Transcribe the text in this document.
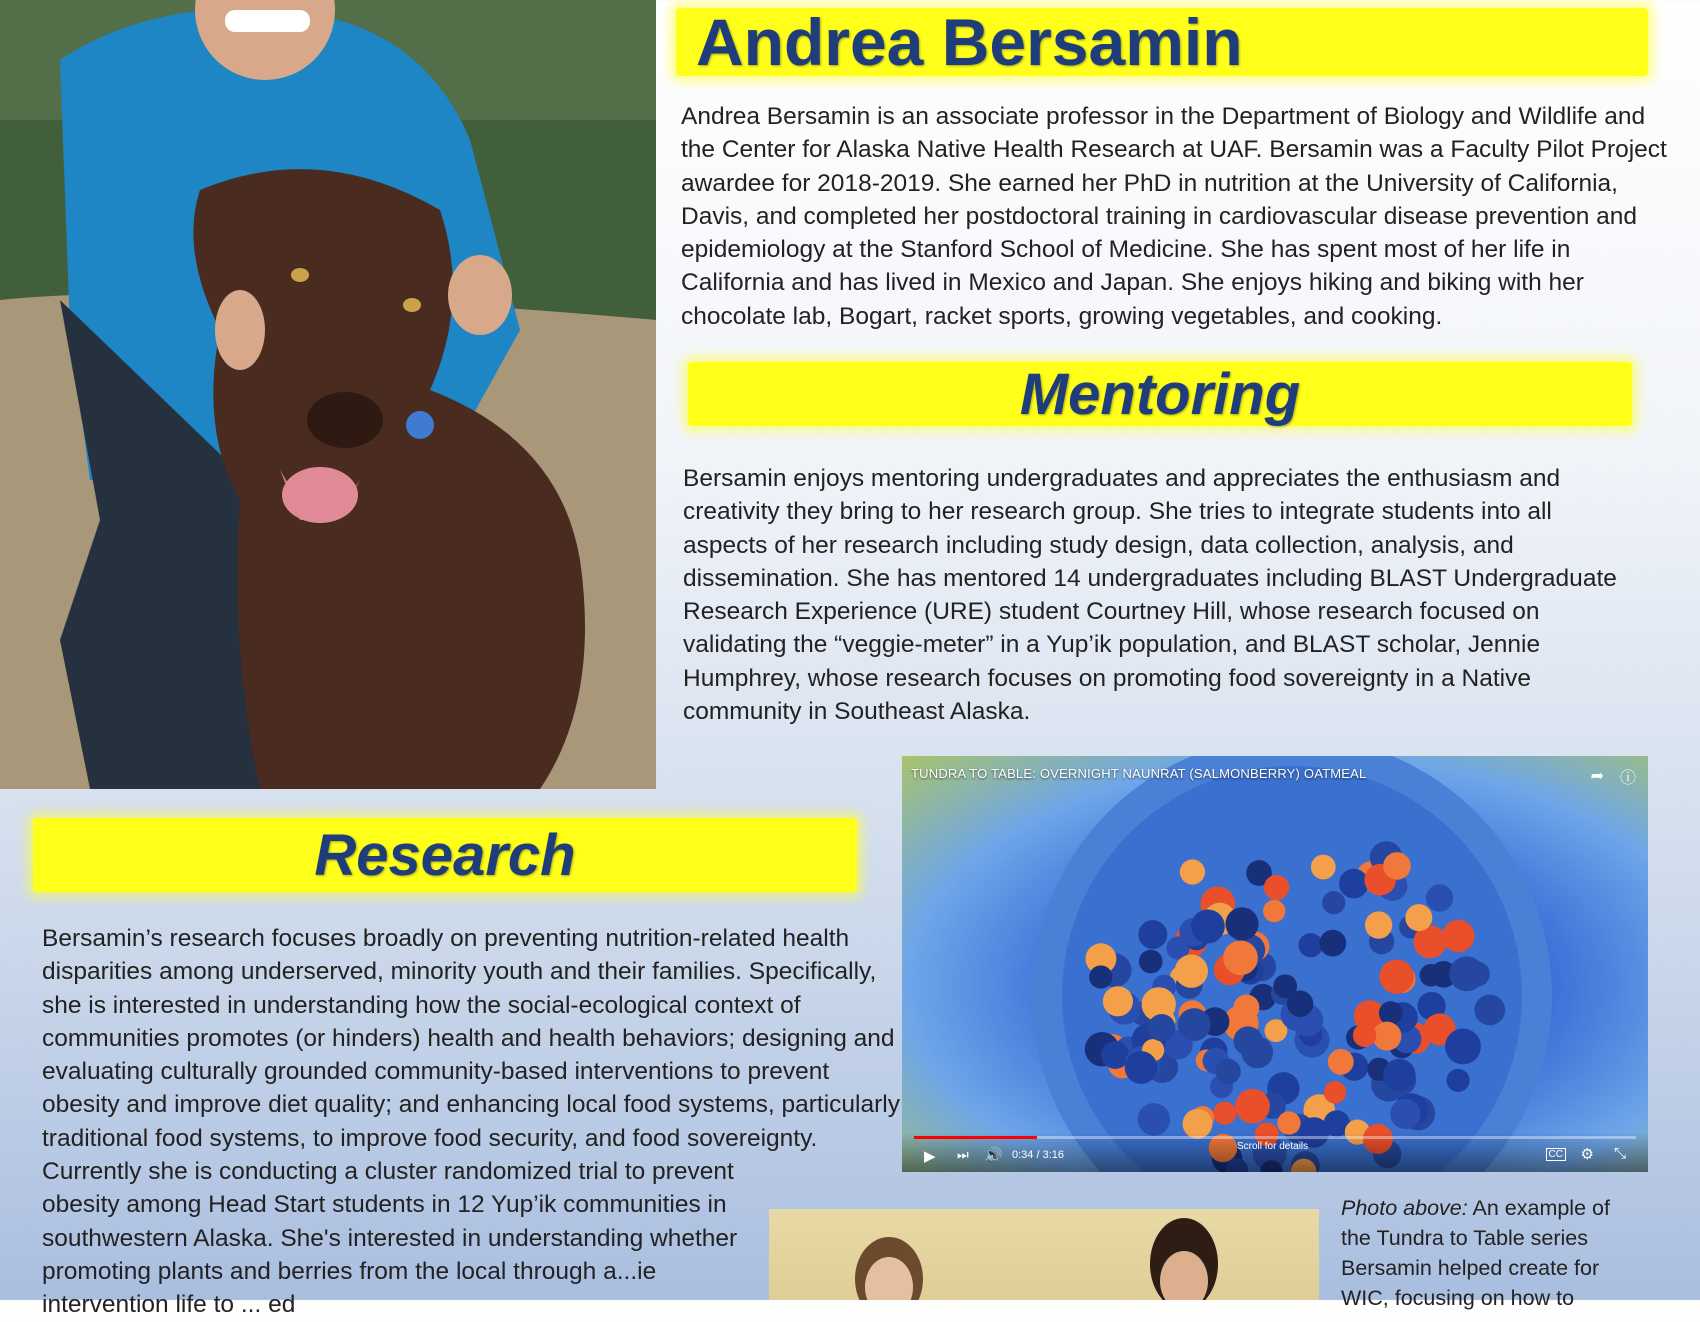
Andrea Bersamin
Andrea Bersamin is an associate professor in the Department of Biology and Wildlife and the Center for Alaska Native Health Research at UAF. Bersamin was a Faculty Pilot Project awardee for 2018-2019. She earned her PhD in nutrition at the University of California, Davis, and completed her postdoctoral training in cardiovascular disease prevention and epidemiology at the Stanford School of Medicine. She has spent most of her life in California and has lived in Mexico and Japan. She enjoys hiking and biking with her chocolate lab, Bogart, racket sports, growing vegetables, and cooking.
Mentoring
Bersamin enjoys mentoring undergraduates and appreciates the enthusiasm and creativity they bring to her research group. She tries to integrate students into all aspects of her research including study design, data collection, analysis, and dissemination. She has mentored 14 undergraduates including BLAST Undergraduate Research Experience (URE) student Courtney Hill, whose research focused on validating the “veggie-meter” in a Yup’ik population, and BLAST scholar, Jennie Humphrey, whose research focuses on promoting food sovereignty in a Native community in Southeast Alaska.
Research
Bersamin’s research focuses broadly on preventing nutrition-related health disparities among underserved, minority youth and their families. Specifically, she is interested in understanding how the social-ecological context of communities promotes (or hinders) health and health behaviors; designing and evaluating culturally grounded community-based interventions to prevent obesity and improve diet quality; and enhancing local food systems, particularly traditional food systems, to improve food security, and food sovereignty.
Currently she is conducting a cluster randomized trial to prevent obesity among Head Start students in 12 Yup’ik communities in southwestern Alaska. She's interested in understanding whether promoting plants and berries from the local through a...ie intervention life to ... ed
TUNDRA TO TABLE: OVERNIGHT NAUNRAT (SALMONBERRY) OATMEAL	➦ ⓘ
▶ ⏭ 🔊 0:34 / 3:16
Scroll for details
CC ⚙ ⤡
Photo above: An example of the Tundra to Table series Bersamin helped create for WIC, focusing on how to
